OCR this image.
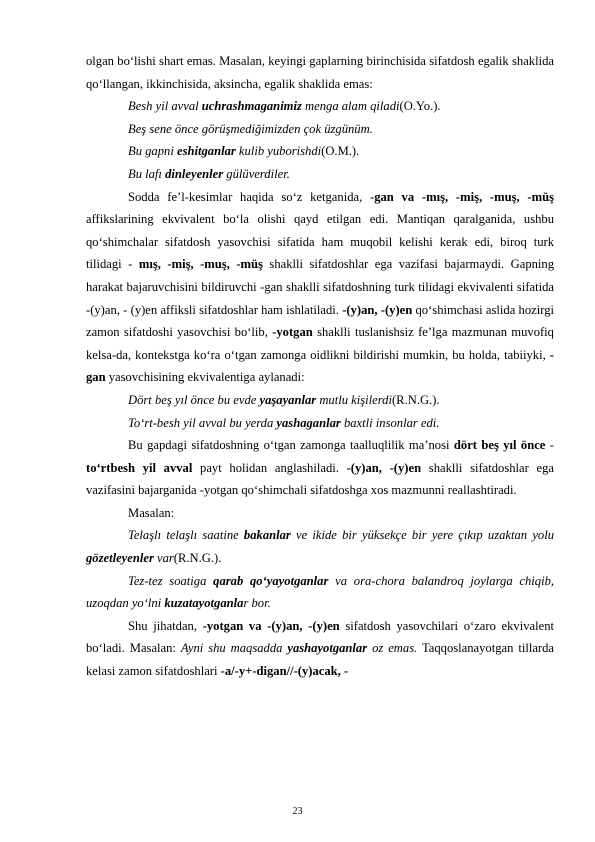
olgan bo‘lishi shart emas. Masalan, keyingi gaplarning birinchisida sifatdosh egalik shaklida qo‘llangan, ikkinchisida, aksincha, egalik shaklida emas:

Besh yil avval uchrashmaganimiz menga alam qiladi(O.Yo.).

Beş sene önce görüşmediğimizden çok üzgünüm.

Bu gapni eshitganlar kulib yuborishdi(O.M.).

Bu lafı dinleyenler gülüverdiler.

Sodda fe’l-kesimlar haqida so‘z ketganida, -gan va -mış, -miş, -muş, -müş affikslarining ekvivalent bo‘la olishi qayd etilgan edi. Mantiqan qaralganida, ushbu qo‘shimchalar sifatdosh yasovchisi sifatida ham muqobil kelishi kerak edi, biroq turk tilidagi - mış, -miş, -muş, -müş shaklli sifatdoshlar ega vazifasi bajarmaydi. Gapning harakat bajaruvchisini bildiruvchi -gan shaklli sifatdoshning turk tilidagi ekvivalenti sifatida -(y)an, - (y)en affiksli sifatdoshlar ham ishlatiladi. -(y)an, -(y)en qo‘shimchasi aslida hozirgi zamon sifatdoshi yasovchisi bo‘lib, -yotgan shaklli tuslanishsiz fe’lga mazmunan muvofiq kelsa-da, kontekstga ko‘ra o‘tgan zamonga oidlikni bildirishi mumkin, bu holda, tabiiyki, -gan yasovchisining ekvivalentiga aylanadi:

Dört beş yıl önce bu evde yaşayanlar mutlu kişilerdi(R.N.G.).

To‘rt-besh yil avval bu yerda yashaganlar baxtli insonlar edi.

Bu gapdagi sifatdoshning o‘tgan zamonga taalluqlilik ma’nosi dört beş yıl önce - to‘rtbesh yil avval payt holidan anglashiladi. -(y)an, -(y)en shaklli sifatdoshlar ega vazifasini bajarganida -yotgan qo‘shimchali sifatdoshga xos mazmunni reallashtiradi.

Masalan:

Telaşlı telaşlı saatine bakanlar ve ikide bir yüksekçe bir yere çıkıp uzaktan yolu gözetleyenler var(R.N.G.).

Tez-tez soatiga qarab qo‘yayotganlar va ora-chora balandroq joylarga chiqib, uzoqdan yo‘lni kuzatayotganlar bor.

Shu jihatdan, -yotgan va -(y)an, -(y)en sifatdosh yasovchilari o‘zaro ekvivalent bo‘ladi. Masalan: Ayni shu maqsadda yashayotganlar oz emas. Taqqoslanayotgan tillarda kelasi zamon sifatdoshlari -a/-y+-digan//-(y)acak, -

23
